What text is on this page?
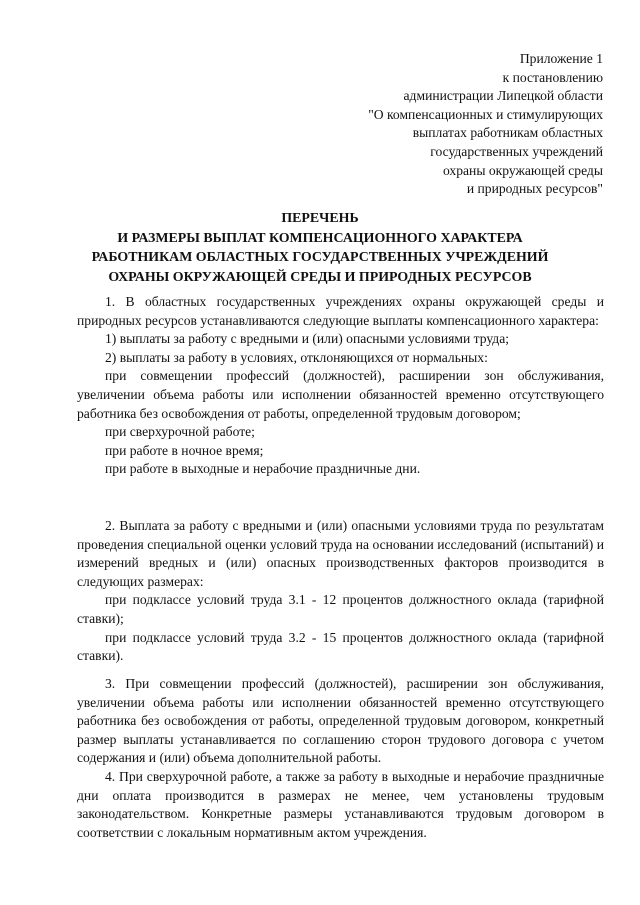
Приложение 1
к постановлению
администрации Липецкой области
"О компенсационных и стимулирующих
выплатах работникам областных
государственных учреждений
охраны окружающей среды
и природных ресурсов"
ПЕРЕЧЕНЬ
И РАЗМЕРЫ ВЫПЛАТ КОМПЕНСАЦИОННОГО ХАРАКТЕРА
РАБОТНИКАМ ОБЛАСТНЫХ ГОСУДАРСТВЕННЫХ УЧРЕЖДЕНИЙ
ОХРАНЫ ОКРУЖАЮЩЕЙ СРЕДЫ И ПРИРОДНЫХ РЕСУРСОВ

1. В областных государственных учреждениях охраны окружающей среды и природных ресурсов устанавливаются следующие выплаты компенсационного характера:

1) выплаты за работу с вредными и (или) опасными условиями труда;

2) выплаты за работу в условиях, отклоняющихся от нормальных:

при совмещении профессий (должностей), расширении зон обслуживания, увеличении объема работы или исполнении обязанностей временно отсутствующего работника без освобождения от работы, определенной трудовым договором;

при сверхурочной работе;

при работе в ночное время;

при работе в выходные и нерабочие праздничные дни.

2. Выплата за работу с вредными и (или) опасными условиями труда по результатам проведения специальной оценки условий труда на основании исследований (испытаний) и измерений вредных и (или) опасных производственных факторов производится в следующих размерах:

при подклассе условий труда 3.1 - 12 процентов должностного оклада (тарифной ставки);

при подклассе условий труда 3.2 - 15 процентов должностного оклада (тарифной ставки).

3. При совмещении профессий (должностей), расширении зон обслуживания, увеличении объема работы или исполнении обязанностей временно отсутствующего работника без освобождения от работы, определенной трудовым договором, конкретный размер выплаты устанавливается по соглашению сторон трудового договора с учетом содержания и (или) объема дополнительной работы.

4. При сверхурочной работе, а также за работу в выходные и нерабочие праздничные дни оплата производится в размерах не менее, чем установлены трудовым законодательством. Конкретные размеры устанавливаются трудовым договором в соответствии с локальным нормативным актом учреждения.
